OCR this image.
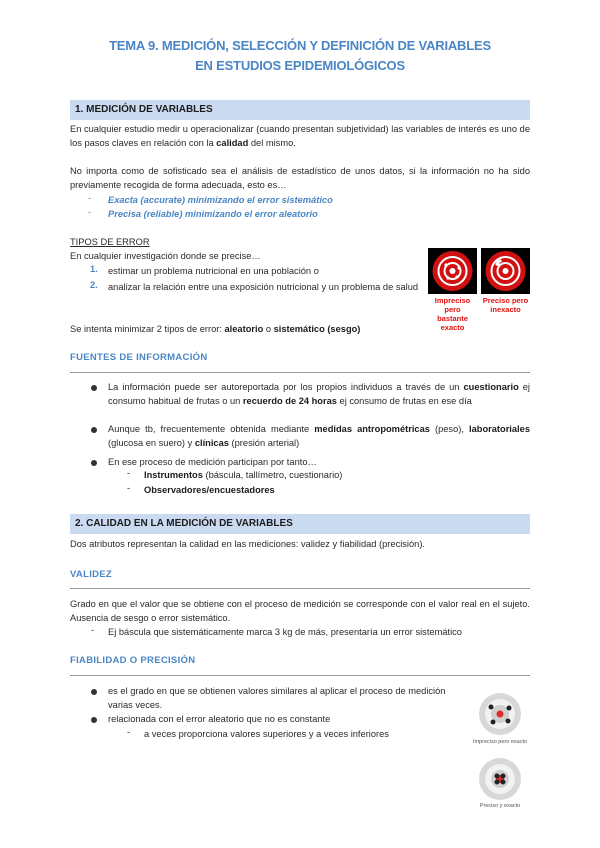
TEMA 9. MEDICIÓN, SELECCIÓN Y DEFINICIÓN DE VARIABLES
EN ESTUDIOS EPIDEMIOLÓGICOS
1. MEDICIÓN DE VARIABLES
En cualquier estudio medir u operacionalizar (cuando presentan subjetividad) las variables de interés es uno de los pasos claves en relación con la calidad del mismo.
No importa como de sofisticado sea el análisis de estadístico de unos datos, si la información no ha sido previamente recogida de forma adecuada, esto es…
- Exacta (accurate) minimizando el error sistemático
- Precisa (reliable) minimizando el error aleatorio
TIPOS DE ERROR
En cualquier investigación donde se precise…
1. estimar un problema nutricional en una población o
2. analizar la relación entre una exposición nutricional y un problema de salud
Se intenta minimizar 2 tipos de error: aleatorio o sistemático (sesgo)
Impreciso pero bastante exacto
Preciso pero inexacto
FUENTES DE INFORMACIÓN
La información puede ser autoreportada por los propios individuos a través de un cuestionario ej consumo habitual de frutas o un recuerdo de 24 horas ej consumo de frutas en ese día
Aunque tb, frecuentemente obtenida mediante medidas antropométricas (peso), laboratoriales (glucosa en suero) y clínicas (presión arterial)
En ese proceso de medición participan por tanto…
- Instrumentos (báscula, tallímetro, cuestionario)
- Observadores/encuestadores
2. CALIDAD EN LA MEDICIÓN DE VARIABLES
Dos atributos representan la calidad en las mediciones: validez y fiabilidad (precisión).
VALIDEZ
Grado en que el valor que se obtiene con el proceso de medición se corresponde con el valor real en el sujeto. Ausencia de sesgo o error sistemático.
- Ej báscula que sistemáticamente marca 3 kg de más, presentaría un error sistemático
FIABILIDAD O PRECISIÓN
es el grado en que se obtienen valores similares al aplicar el proceso de medición varias veces.
relacionada con el error aleatorio que no es constante
- a veces proporciona valores superiores y a veces inferiores
Impreciso pero exacto
Preciso y exacto
